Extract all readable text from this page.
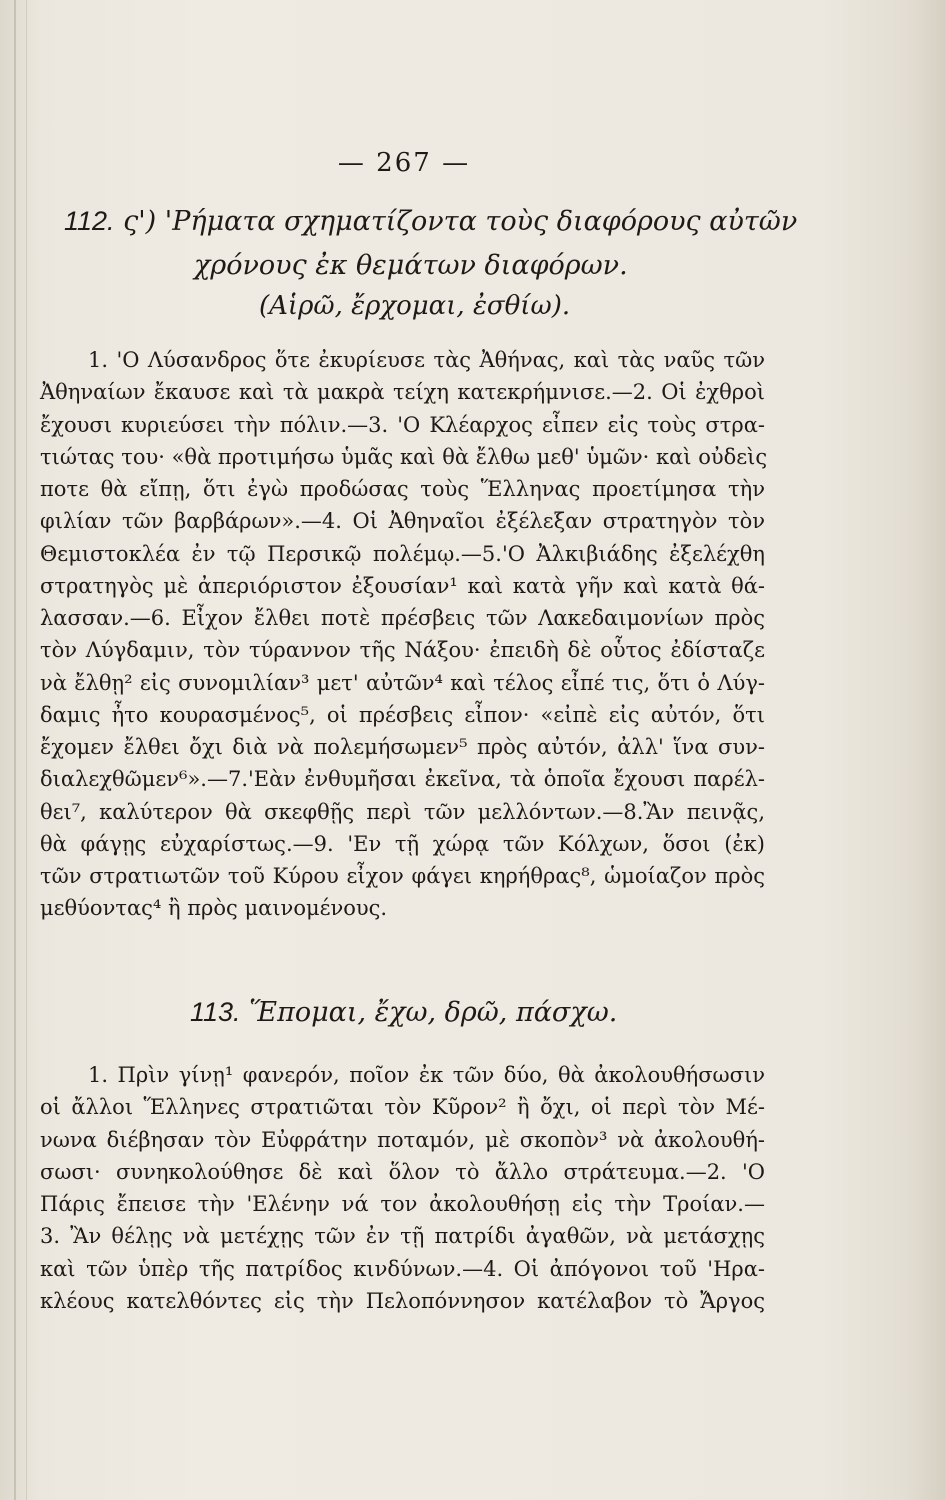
— 267 —
112. ς') 'Ρήματα σχηματίζοντα τοὺς διαφόρους αὐτῶν
χρόνους ἐκ θεμάτων διαφόρων.
(Αἱρῶ, ἔρχομαι, ἐσθίω).
1. 'Ο Λύσανδρος ὅτε ἐκυρίευσε τὰς Ἀθήνας, καὶ τὰς ναῦς τῶν
Ἀθηναίων ἔκαυσε καὶ τὰ μακρὰ τείχη κατεκρήμνισε.—2. Οἱ ἐχθροὶ
ἔχουσι κυριεύσει τὴν πόλιν.—3. 'Ο Κλέαρχος εἶπεν εἰς τοὺς στρα-
τιώτας του· «θὰ προτιμήσω ὑμᾶς καὶ θὰ ἔλθω μεθ' ὑμῶν· καὶ οὐδεὶς
ποτε θὰ εἴπῃ, ὅτι ἐγὼ προδώσας τοὺς Ἕλληνας προετίμησα τὴν
φιλίαν τῶν βαρβάρων».—4. Οἱ Ἀθηναῖοι ἐξέλεξαν στρατηγὸν τὸν
Θεμιστοκλέα ἐν τῷ Περσικῷ πολέμῳ.—5.'Ο Ἀλκιβιάδης ἐξελέχθη
στρατηγὸς μὲ ἀπεριόριστον ἐξουσίαν¹ καὶ κατὰ γῆν καὶ κατὰ θά-
λασσαν.—6. Εἶχον ἔλθει ποτὲ πρέσβεις τῶν Λακεδαιμονίων πρὸς
τὸν Λύγδαμιν, τὸν τύραννον τῆς Νάξου· ἐπειδὴ δὲ οὗτος ἐδίσταζε
νὰ ἔλθῃ² εἰς συνομιλίαν³ μετ' αὐτῶν⁴ καὶ τέλος εἶπέ τις, ὅτι ὁ Λύγ-
δαμις ἦτο κουρασμένος⁵, οἱ πρέσβεις εἶπον· «εἰπὲ εἰς αὐτόν, ὅτι
ἔχομεν ἔλθει ὄχι διὰ νὰ πολεμήσωμεν⁵ πρὸς αὐτόν, ἀλλ' ἵνα συν-
διαλεχθῶμεν⁶».—7.'Εὰν ἐνθυμῆσαι ἐκεῖνα, τὰ ὁποῖα ἔχουσι παρέλ-
θει⁷, καλύτερον θὰ σκεφθῇς περὶ τῶν μελλόντων.—8.Ἂν πεινᾷς,
θὰ φάγῃς εὐχαρίστως.—9. 'Εν τῇ χώρᾳ τῶν Κόλχων, ὅσοι (ἐκ)
τῶν στρατιωτῶν τοῦ Κύρου εἶχον φάγει κηρήθρας⁸, ὡμοίαζον πρὸς
μεθύοντας⁴ ἢ πρὸς μαινομένους.
113. Ἕπομαι, ἔχω, δρῶ, πάσχω.
1. Πρὶν γίνῃ¹ φανερόν, ποῖον ἐκ τῶν δύο, θὰ ἀκολουθήσωσιν
οἱ ἄλλοι Ἕλληνες στρατιῶται τὸν Κῦρον² ἢ ὄχι, οἱ περὶ τὸν Μέ-
νωνα διέβησαν τὸν Εὐφράτην ποταμόν, μὲ σκοπὸν³ νὰ ἀκολουθή-
σωσι· συνηκολούθησε δὲ καὶ ὅλον τὸ ἄλλο στράτευμα.—2. 'Ο
Πάρις ἔπεισε τὴν 'Ελένην νά τον ἀκολουθήσῃ εἰς τὴν Τροίαν.—
3. Ἂν θέλῃς νὰ μετέχῃς τῶν ἐν τῇ πατρίδι ἀγαθῶν, νὰ μετάσχῃς
καὶ τῶν ὑπὲρ τῆς πατρίδος κινδύνων.—4. Οἱ ἀπόγονοι τοῦ 'Ηρα-
κλέους κατελθόντες εἰς τὴν Πελοπόννησον κατέλαβον τὸ Ἄργος
